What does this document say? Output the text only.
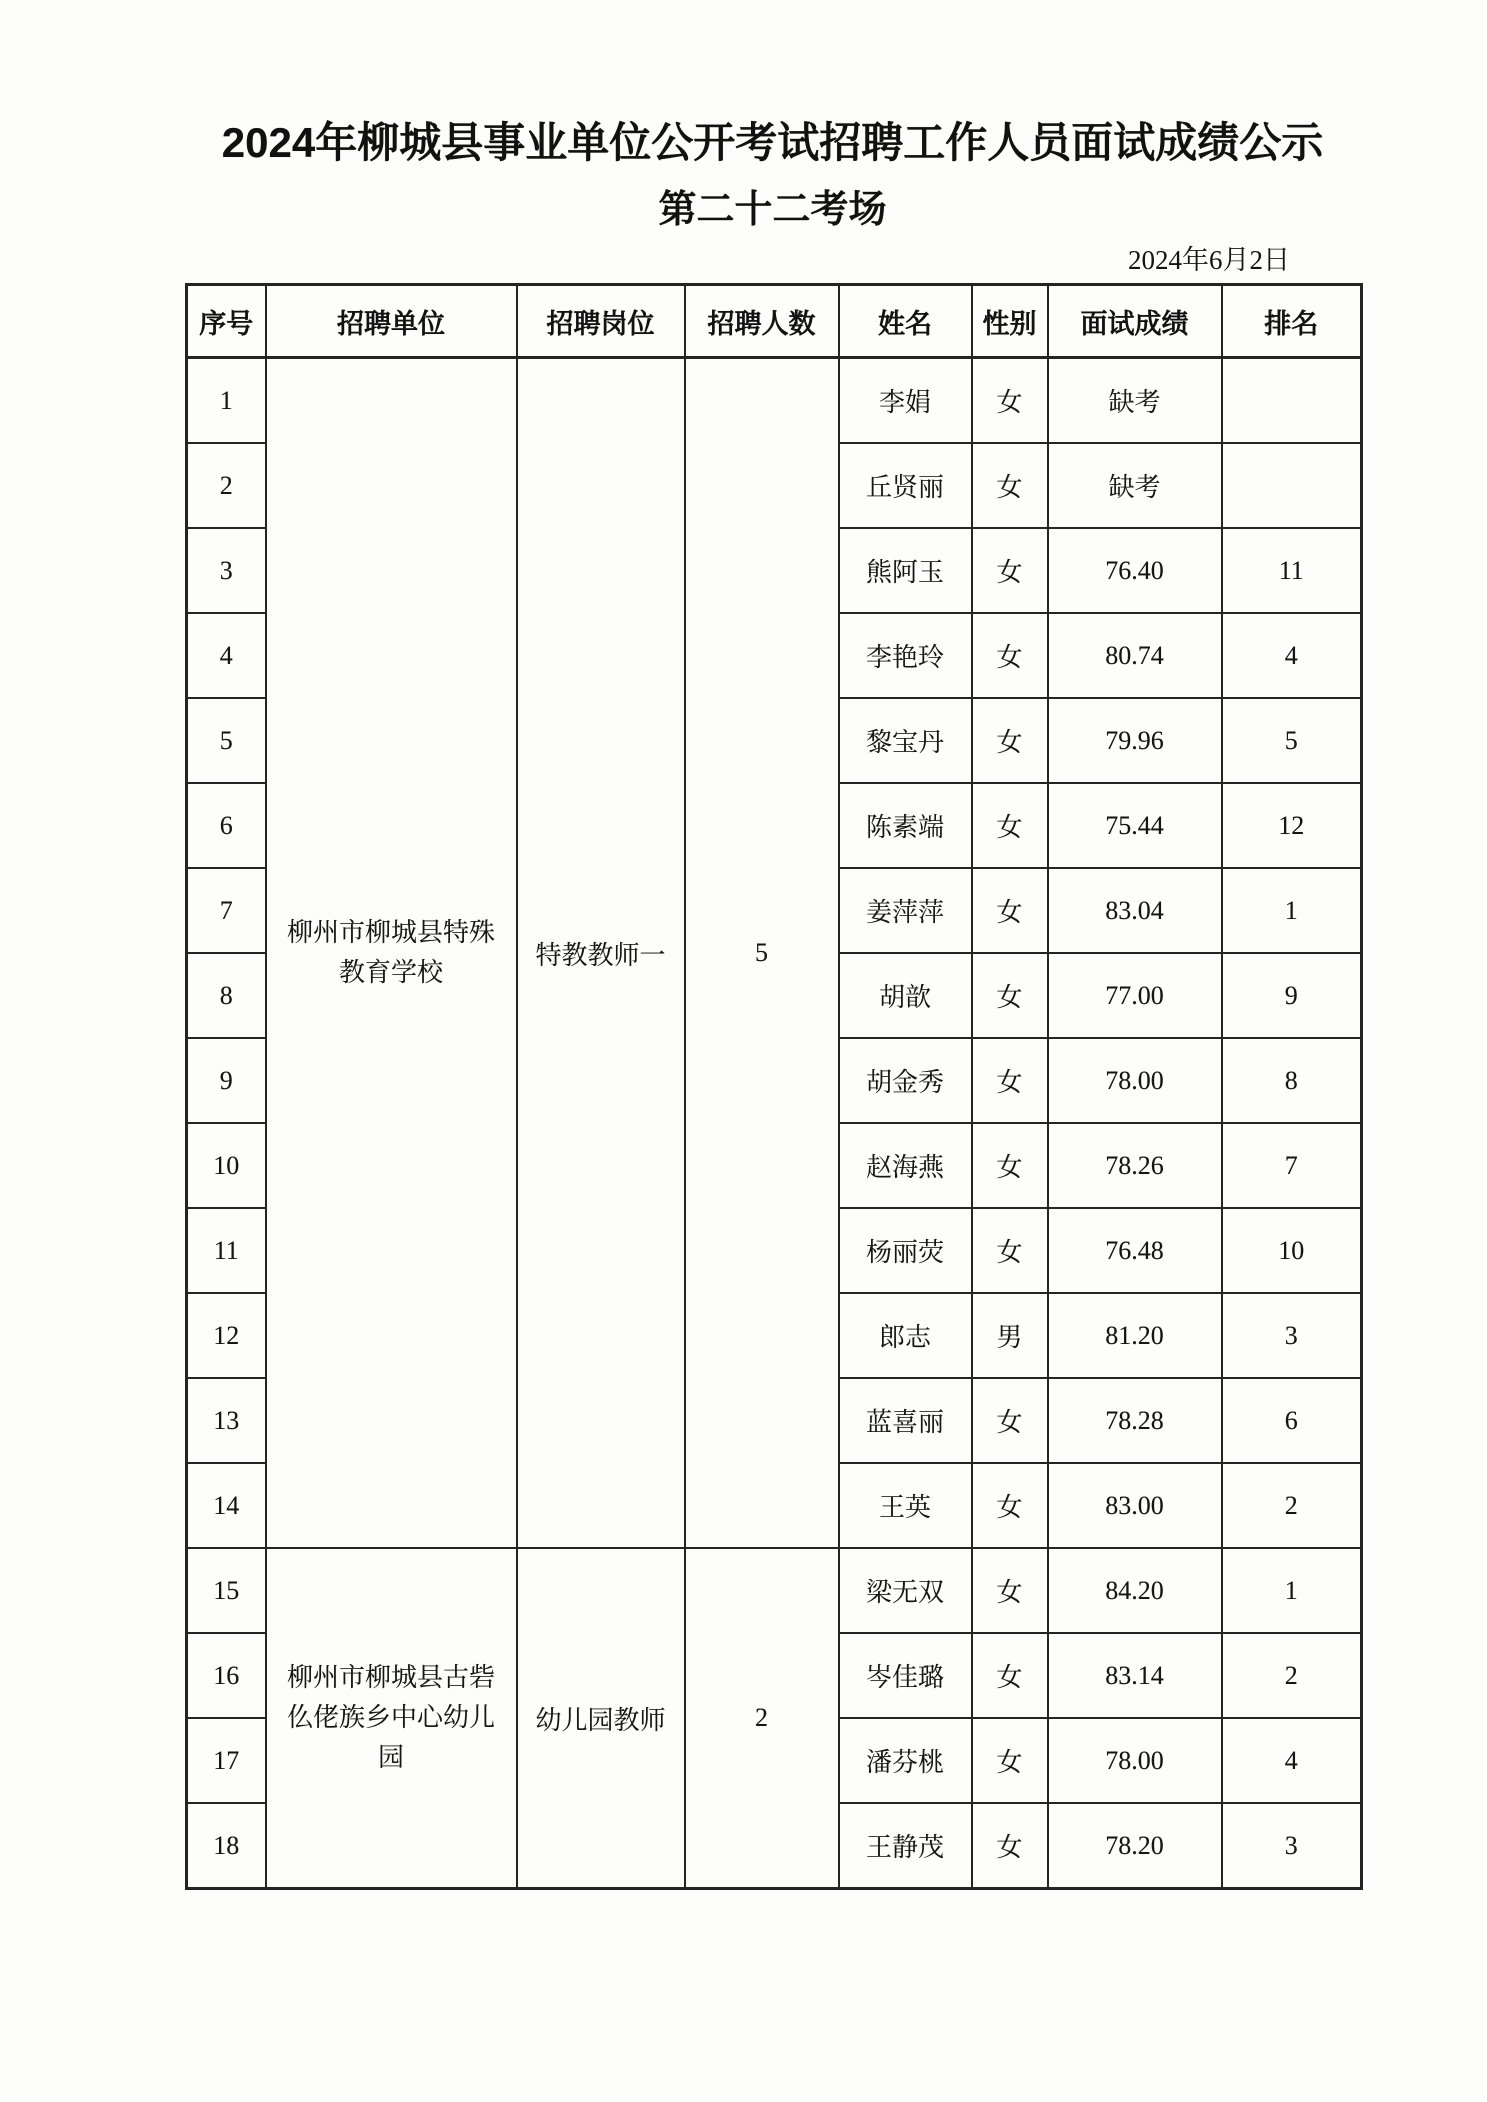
2024年柳城县事业单位公开考试招聘工作人员面试成绩公示
第二十二考场
2024年6月2日
序号	招聘单位	招聘岗位	招聘人数	姓名	性别	面试成绩	排名
1	柳州市柳城县特殊教育学校	特教教师一	5	李娟	女	缺考	
2				丘贤丽	女	缺考	
3				熊阿玉	女	76.40	11
4				李艳玲	女	80.74	4
5				黎宝丹	女	79.96	5
6				陈素端	女	75.44	12
7				姜萍萍	女	83.04	1
8				胡歆	女	77.00	9
9				胡金秀	女	78.00	8
10				赵海燕	女	78.26	7
11				杨丽荧	女	76.48	10
12				郎志	男	81.20	3
13				蓝喜丽	女	78.28	6
14				王英	女	83.00	2
15	柳州市柳城县古砦仫佬族乡中心幼儿园	幼儿园教师	2	梁无双	女	84.20	1
16				岑佳璐	女	83.14	2
17				潘芬桃	女	78.00	4
18				王静茂	女	78.20	3
